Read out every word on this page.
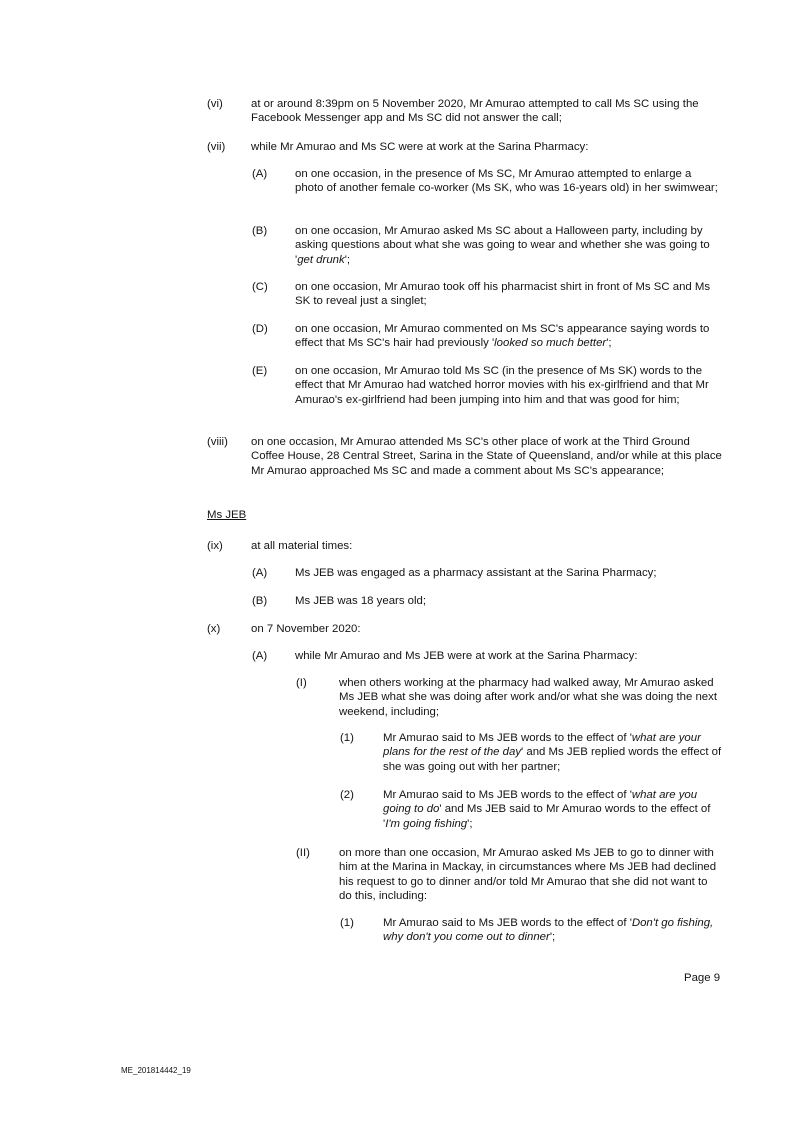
(vi) at or around 8:39pm on 5 November 2020, Mr Amurao attempted to call Ms SC using the Facebook Messenger app and Ms SC did not answer the call;
(vii) while Mr Amurao and Ms SC were at work at the Sarina Pharmacy:
(A) on one occasion, in the presence of Ms SC, Mr Amurao attempted to enlarge a photo of another female co-worker (Ms SK, who was 16-years old) in her swimwear;
(B) on one occasion, Mr Amurao asked Ms SC about a Halloween party, including by asking questions about what she was going to wear and whether she was going to 'get drunk';
(C) on one occasion, Mr Amurao took off his pharmacist shirt in front of Ms SC and Ms SK to reveal just a singlet;
(D) on one occasion, Mr Amurao commented on Ms SC's appearance saying words to effect that Ms SC's hair had previously 'looked so much better';
(E) on one occasion, Mr Amurao told Ms SC (in the presence of Ms SK) words to the effect that Mr Amurao had watched horror movies with his ex-girlfriend and that Mr Amurao's ex-girlfriend had been jumping into him and that was good for him;
(viii) on one occasion, Mr Amurao attended Ms SC's other place of work at the Third Ground Coffee House, 28 Central Street, Sarina in the State of Queensland, and/or while at this place Mr Amurao approached Ms SC and made a comment about Ms SC's appearance;
Ms JEB
(ix) at all material times:
(A) Ms JEB was engaged as a pharmacy assistant at the Sarina Pharmacy;
(B) Ms JEB was 18 years old;
(x)	on 7 November 2020:
(A) while Mr Amurao and Ms JEB were at work at the Sarina Pharmacy:
(I)	when others working at the pharmacy had walked away, Mr Amurao asked Ms JEB what she was doing after work and/or what she was doing the next weekend, including;
(1)	Mr Amurao said to Ms JEB words to the effect of 'what are your plans for the rest of the day' and Ms JEB replied words the effect of she was going out with her partner;
(2)	Mr Amurao said to Ms JEB words to the effect of 'what are you going to do' and Ms JEB said to Mr Amurao words to the effect of 'I'm going fishing';
(II)	on more than one occasion, Mr Amurao asked Ms JEB to go to dinner with him at the Marina in Mackay, in circumstances where Ms JEB had declined his request to go to dinner and/or told Mr Amurao that she did not want to do this, including:
(1)	Mr Amurao said to Ms JEB words to the effect of 'Don't go fishing, why don't you come out to dinner';
Page 9
ME_201814442_19
